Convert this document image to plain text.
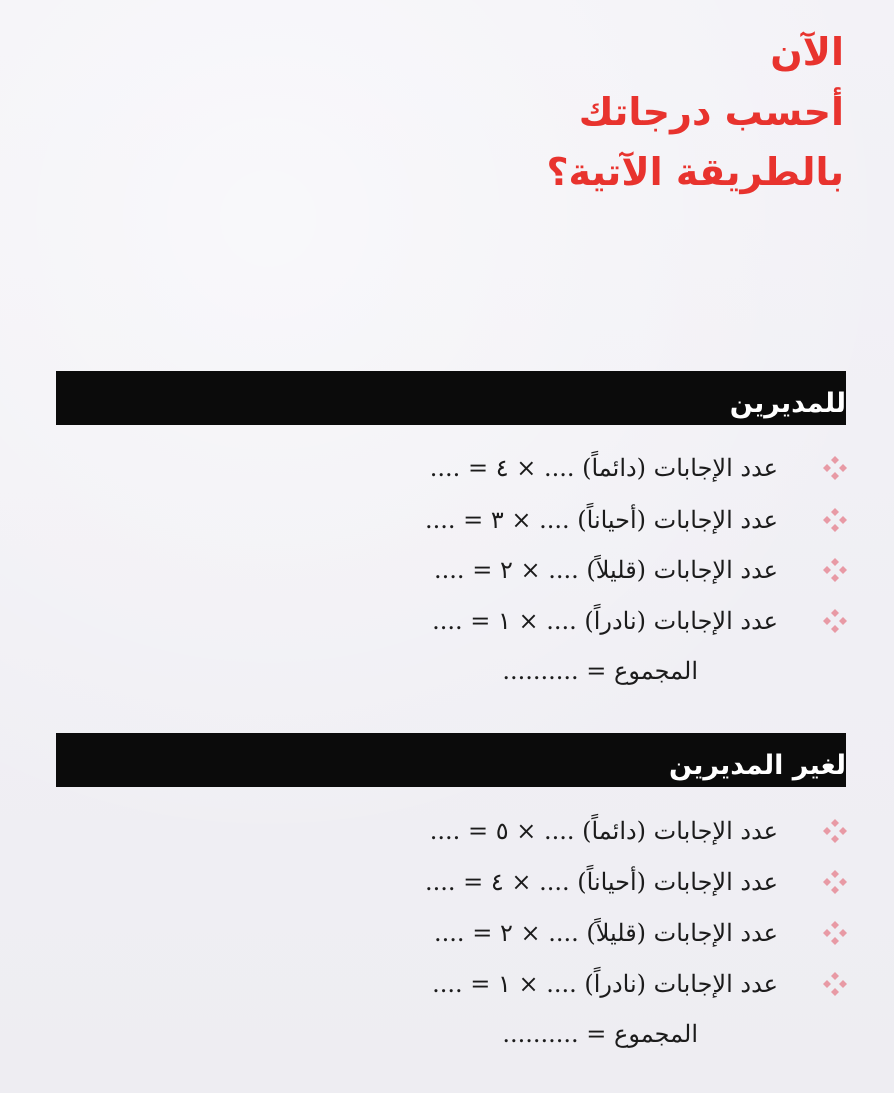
الآن
أحسب درجاتك
بالطريقة الآتية؟
للمديرين
عدد الإجابات (دائماً) .... × ٤ = ....
عدد الإجابات (أحياناً) .... × ٣ = ....
عدد الإجابات (قليلاً) .... × ٢ = ....
عدد الإجابات (نادراً) .... × ١ = ....
المجموع = ..........
لغير المديرين
عدد الإجابات (دائماً) .... × ٥ = ....
عدد الإجابات (أحياناً) .... × ٤ = ....
عدد الإجابات (قليلاً) .... × ٢ = ....
عدد الإجابات (نادراً) .... × ١ = ....
المجموع = ..........
